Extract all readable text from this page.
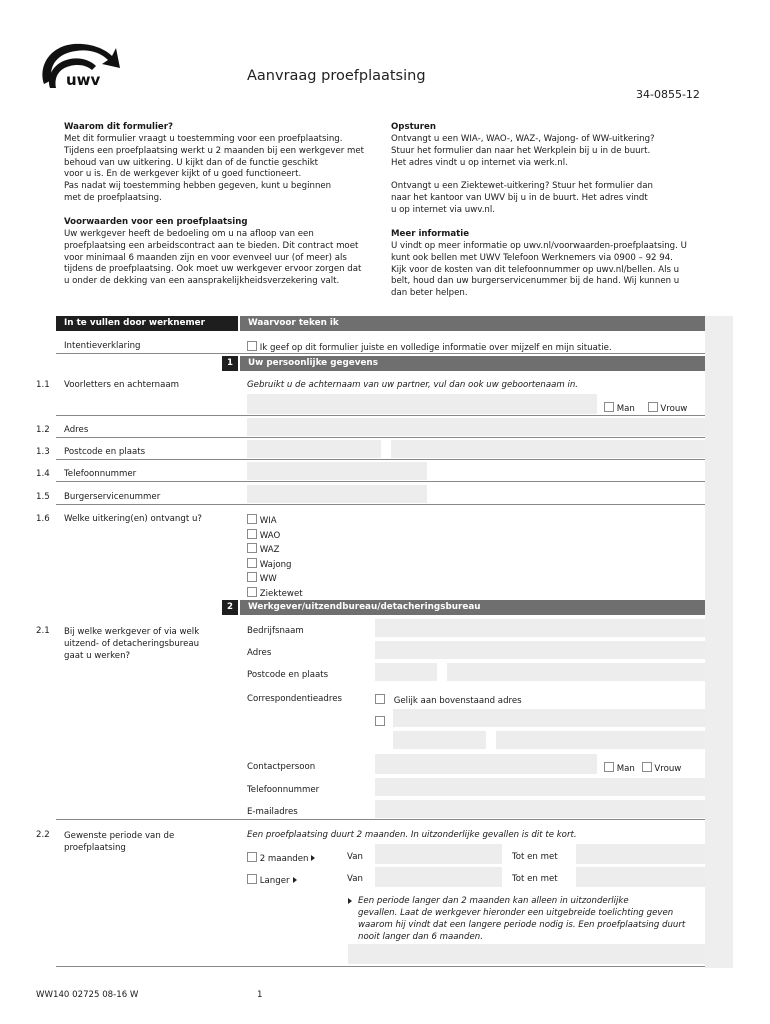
uwv	Aanvraag proefplaatsing
34-0855-12
Waarom dit formulier?

Met dit formulier vraagt u toestemming voor een proefplaatsing.
Tijdens een proefplaatsing werkt u 2 maanden bij een werkgever met
behoud van uw uitkering. U kijkt dan of de functie geschikt
voor u is. En de werkgever kijkt of u goed functioneert.
Pas nadat wij toestemming hebben gegeven, kunt u beginnen
met de proefplaatsing.

Voorwaarden voor een proefplaatsing

Uw werkgever heeft de bedoeling om u na afloop van een
proefplaatsing een arbeidscontract aan te bieden. Dit contract moet
voor minimaal 6 maanden zijn en voor evenveel uur (of meer) als
tijdens de proefplaatsing. Ook moet uw werkgever ervoor zorgen dat
u onder de dekking van een aansprakelijkheidsverzekering valt.

Opsturen

Ontvangt u een WIA-, WAO-, WAZ-, Wajong- of WW-uitkering?
Stuur het formulier dan naar het Werkplein bij u in de buurt.
Het adres vindt u op internet via werk.nl.

Ontvangt u een Ziektewet-uitkering? Stuur het formulier dan
naar het kantoor van UWV bij u in de buurt. Het adres vindt
u op internet via uwv.nl.

Meer informatie

U vindt op meer informatie op uwv.nl/voorwaarden-proefplaatsing. U
kunt ook bellen met UWV Telefoon Werknemers via 0900 – 92 94.
Kijk voor de kosten van dit telefoonnummer op uwv.nl/bellen. Als u
belt, houd dan uw burgerservicenummer bij de hand. Wij kunnen u
dan beter helpen.

In te vullen door werknemer	Waarvoor teken ik
Intentieverklaring	Ik geef op dit formulier juiste en volledige informatie over mijzelf en mijn situatie.
1	Uw persoonlijke gegevens
1.1 Voorletters en achternaam	Gebruikt u de achternaam van uw partner, vul dan ook uw geboortenaam in.
Man	Vrouw
1.2 Adres
1.3 Postcode en plaats
1.4 Telefoonnummer
1.5 Burgerservicenummer
1.6 Welke uitkering(en) ontvangt u?	WIA
WAO
WAZ
Wajong
WW
Ziektewet
2	Werkgever/uitzendbureau/detacheringsbureau
2.1 Bij welke werkgever of via welk
uitzend- of detacheringsbureau
gaat u werken?
Bedrijfsnaam
Adres
Postcode en plaats
Correspondentieadres	Gelijk aan bovenstaand adres
Contactpersoon	Man Vrouw
Telefoonnummer
E-mailadres
2.2 Gewenste periode van de
proefplaatsing
Een proefplaatsing duurt 2 maanden. In uitzonderlijke gevallen is dit te kort.
2 maanden	Van	Tot en met
Langer	Van	Tot en met
Een periode langer dan 2 maanden kan alleen in uitzonderlijke
gevallen. Laat de werkgever hieronder een uitgebreide toelichting geven
waarom hij vindt dat een langere periode nodig is. Een proefplaatsing duurt
nooit langer dan 6 maanden.
WW140 02725 08-16 W	1
